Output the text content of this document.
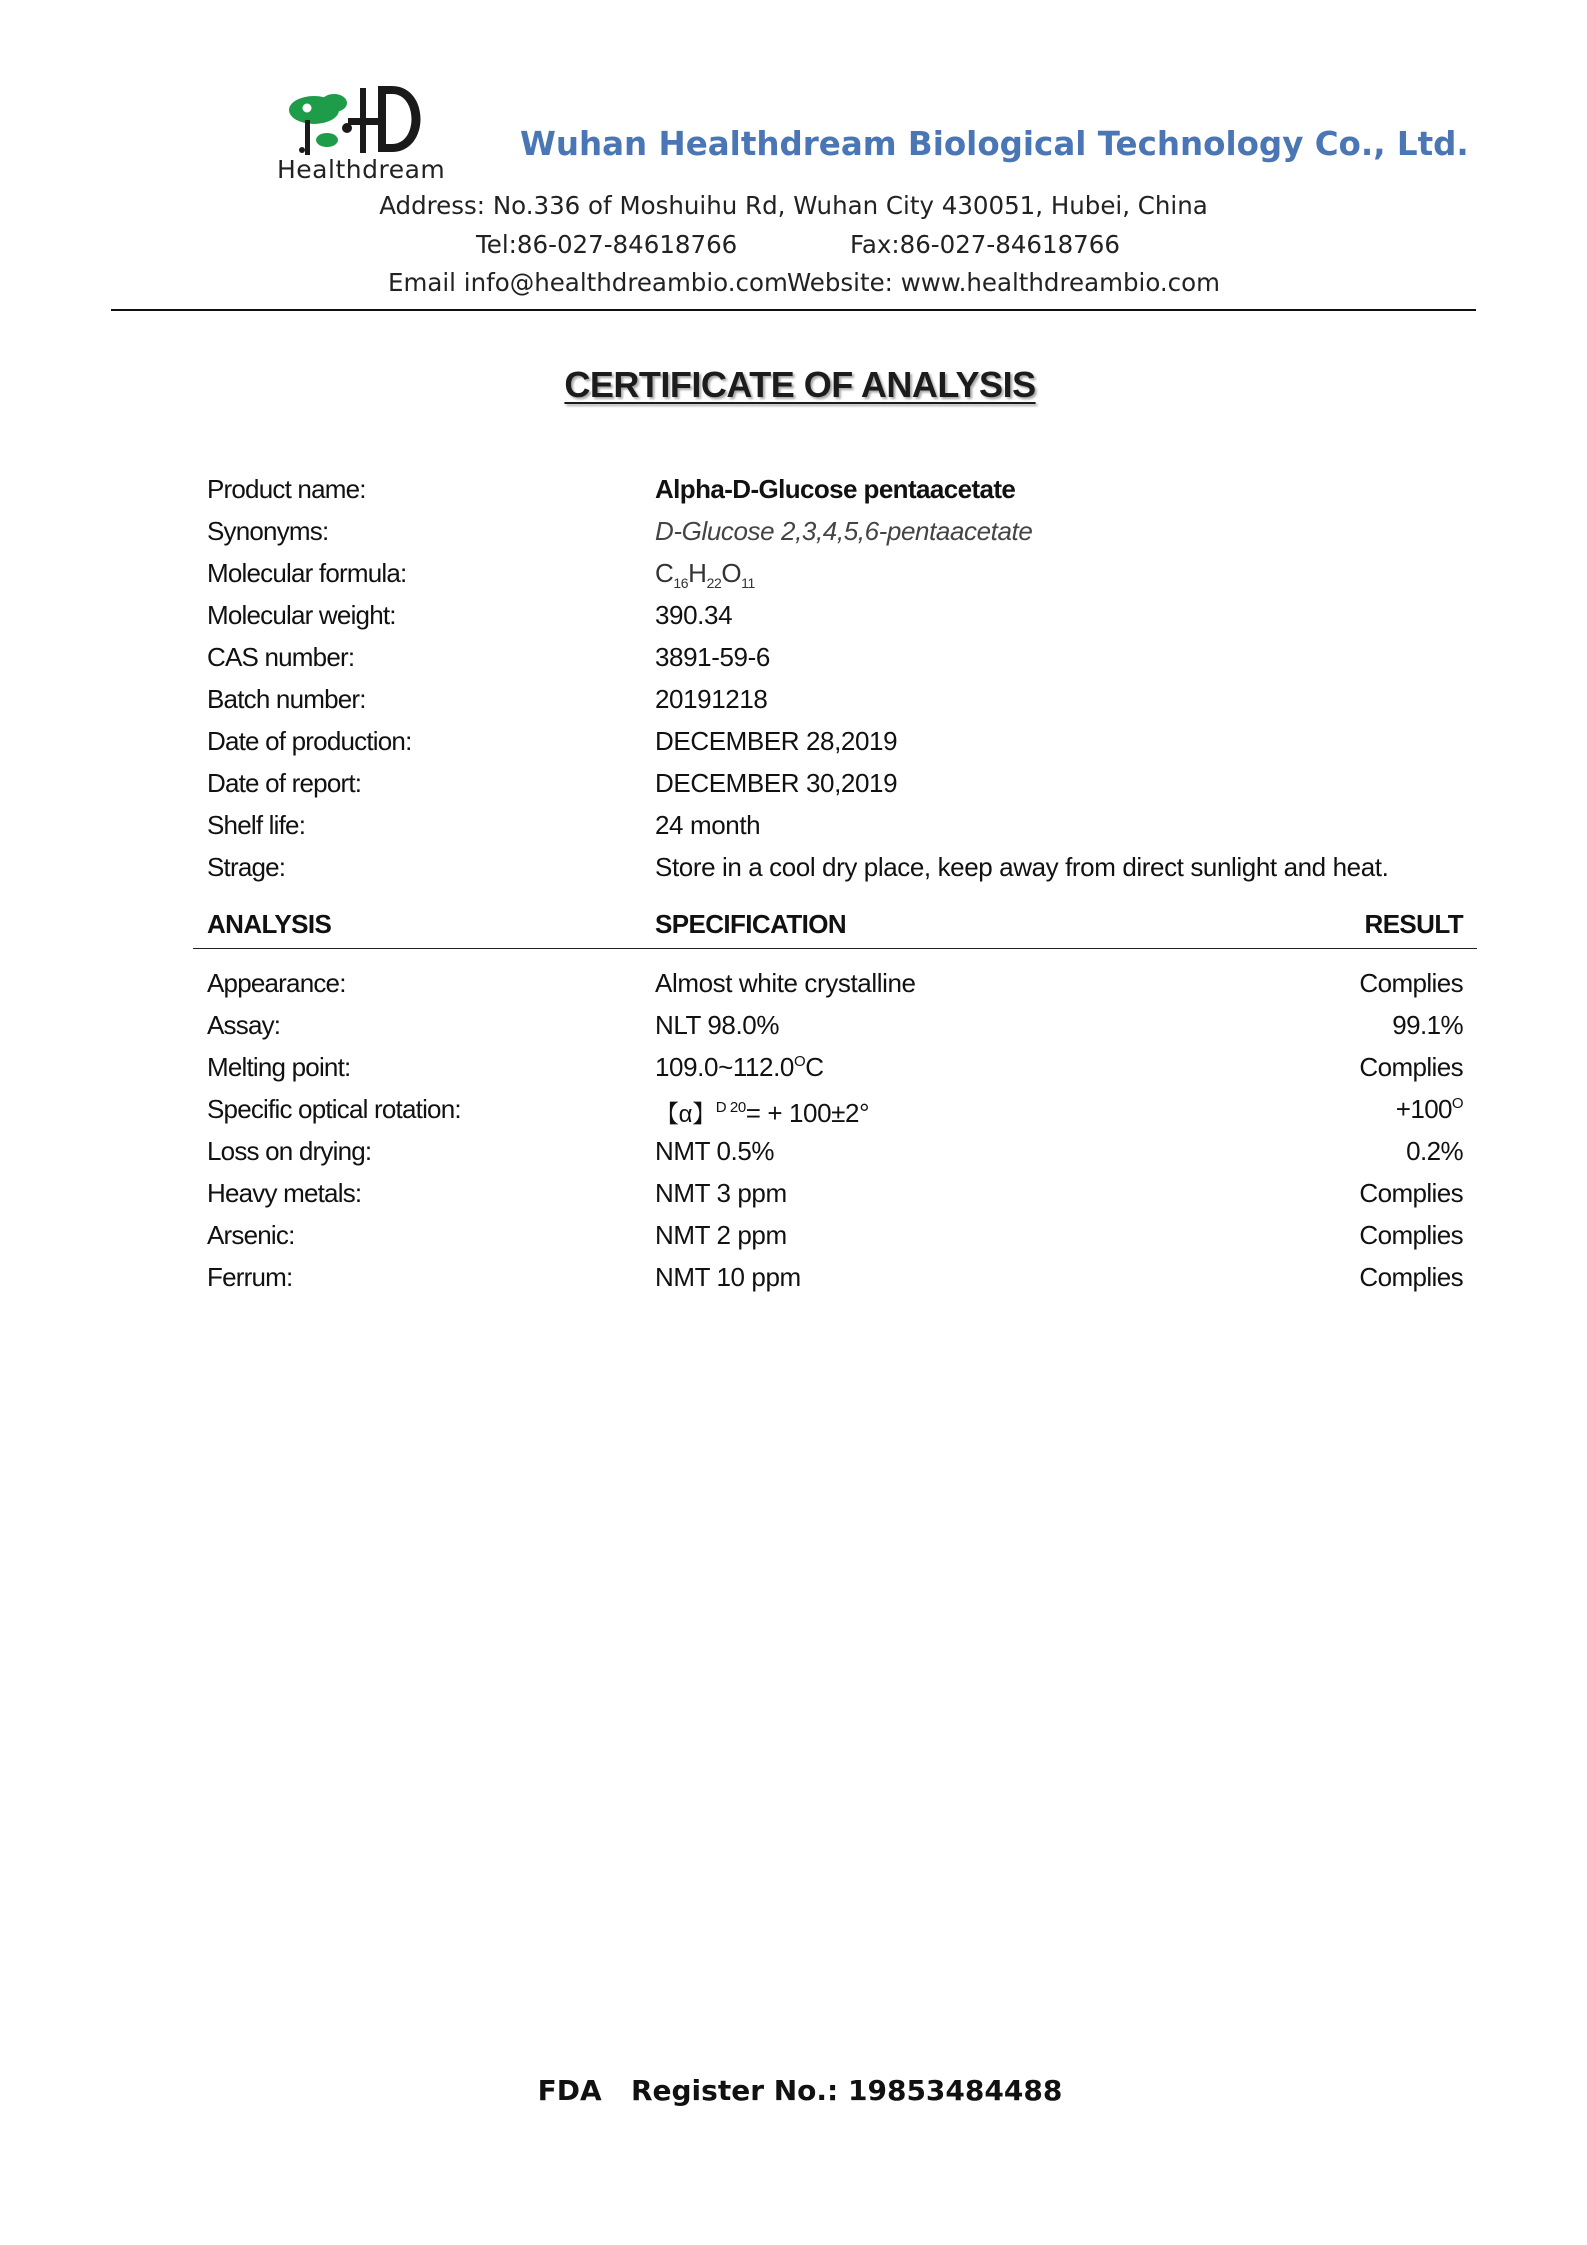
Healthdream
Wuhan Healthdream Biological Technology Co., Ltd.
Address: No.336 of Moshuihu Rd, Wuhan City 430051, Hubei, China
Tel:86-027-84618766	Fax:86-027-84618766
Email info@healthdreambio.com Website: www.healthdreambio.com
CERTIFICATE OF ANALYSIS
Product name:	Alpha-D-Glucose pentaacetate
Synonyms:	D-Glucose 2,3,4,5,6-pentaacetate
Molecular formula:	$C_{16}H_{22}O_{11}$
Molecular weight:	390.34
CAS number:	3891-59-6
Batch number:	20191218
Date of production:	DECEMBER 28,2019
Date of report:	DECEMBER 30,2019
Shelf life:	24 month
Strage:	Store in a cool dry place, keep away from direct sunlight and heat.
ANALYSIS	SPECIFICATION	RESULT
Appearance:	Almost white crystalline	Complies
Assay:	NLT 98.0%	99.1%
Melting point:	$109.0\sim 112.0^OC$	Complies
Specific optical rotation:	【α】$^{D 20}$= + 100±2°	$+100^O$
Loss on drying:	NMT 0.5%	0.2%
Heavy metals:	NMT 3 ppm	Complies
Arsenic:	NMT 2 ppm	Complies
Ferrum:	NMT 10 ppm	Complies
FDA   Register No.: 19853484488
